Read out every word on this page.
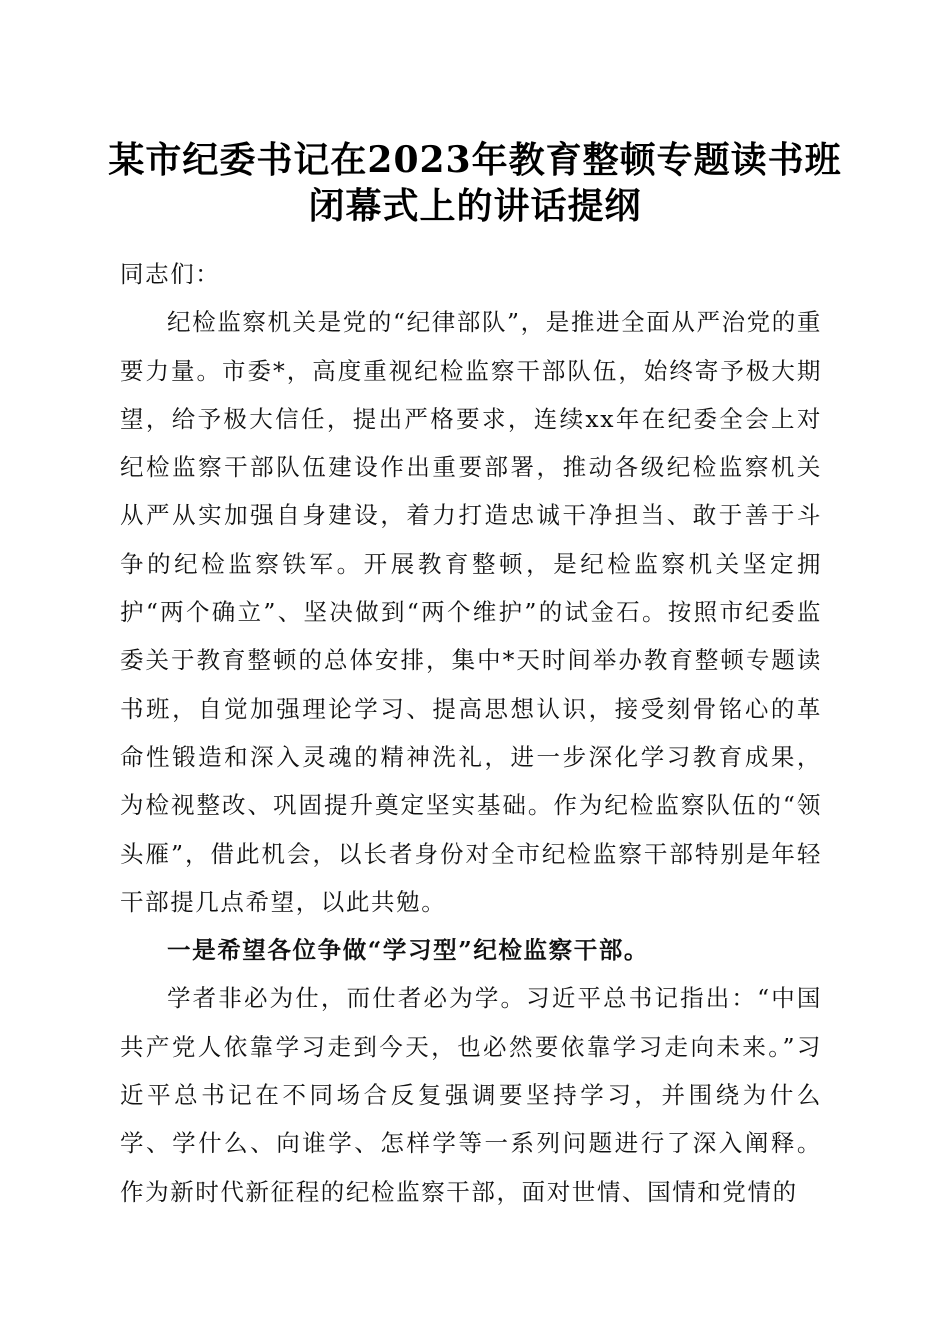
某市纪委书记在2023年教育整顿专题读书班
闭幕式上的讲话提纲

同志们：

纪检监察机关是党的“纪律部队”，是推进全面从严治党的重要力量。市委*，高度重视纪检监察干部队伍，始终寄予极大期望，给予极大信任，提出严格要求，连续xx年在纪委全会上对纪检监察干部队伍建设作出重要部署，推动各级纪检监察机关从严从实加强自身建设，着力打造忠诚干净担当、敢于善于斗争的纪检监察铁军。开展教育整顿，是纪检监察机关坚定拥护“两个确立”、坚决做到“两个维护”的试金石。按照市纪委监委关于教育整顿的总体安排，集中*天时间举办教育整顿专题读书班，自觉加强理论学习、提高思想认识，接受刻骨铭心的革命性锻造和深入灵魂的精神洗礼，进一步深化学习教育成果，为检视整改、巩固提升奠定坚实基础。作为纪检监察队伍的“领头雁”，借此机会，以长者身份对全市纪检监察干部特别是年轻干部提几点希望，以此共勉。

一是希望各位争做“学习型”纪检监察干部。

学者非必为仕，而仕者必为学。习近平总书记指出：“中国共产党人依靠学习走到今天，也必然要依靠学习走向未来。”习近平总书记在不同场合反复强调要坚持学习，并围绕为什么学、学什么、向谁学、怎样学等一系列问题进行了深入阐释。作为新时代新征程的纪检监察干部，面对世情、国情和党情的
